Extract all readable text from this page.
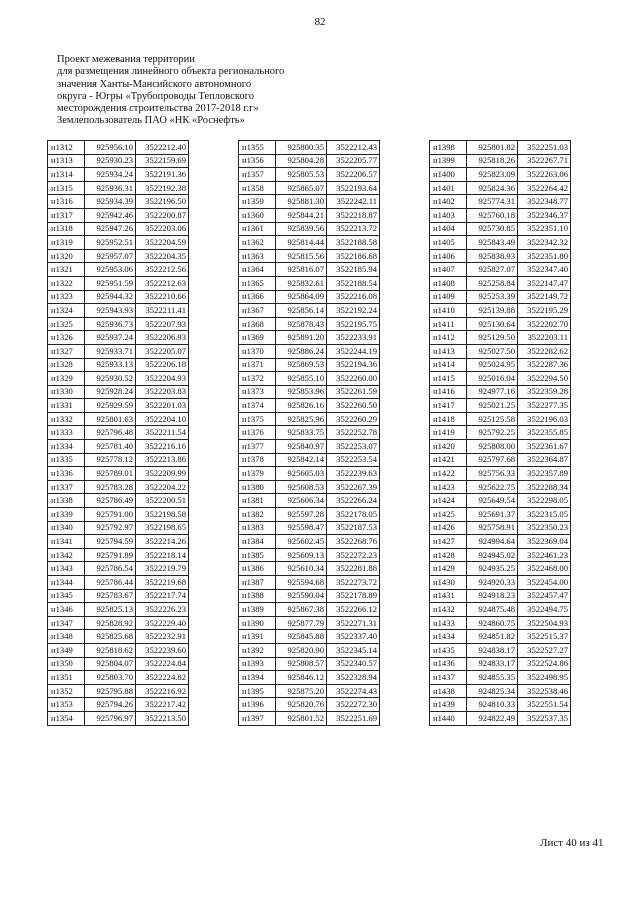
82
Проект межевания территории
для размещения линейного объекта регионального
значения Ханты-Мансийского автономного
округа - Югры «Трубопроводы Тепловского
месторождения строительства 2017-2018 г.г»
Землепользователь ПАО «НК «Роснефть»
н1312	925956.10	3522212.40
н1313	925930.23	3522159.69
н1314	925934.24	3522191.36
н1315	925936.31	3522192.38
н1316	925934.39	3522196.50
н1317	925942.46	3522200.87
н1318	925947.26	3522203.06
н1319	925952.51	3522204.59
н1320	925957.07	3522204.35
н1321	925953.06	3522212.56
н1322	925951.59	3522212.63
н1323	925944.32	3522210.66
н1324	925943.93	3522211.41
н1325	925936.73	3522207.93
н1326	925937.24	3522206.93
н1327	925933.71	3522205.07
н1328	925933.13	3522206.18
н1329	925930.52	3522204.93
н1330	925928.24	3522203.83
н1331	925929.59	3522201.03
н1332	925801.63	3522204.10
н1333	925796.48	3522211.54
н1334	925781.40	3522216.16
н1335	925778.12	3522213.86
н1336	925789.01	3522209.99
н1337	925783.28	3522204.22
н1338	925786.49	3522200.51
н1339	925791.00	3522198.58
н1340	925792.97	3522198.65
н1341	925794.59	3522214.26
н1342	925791.89	3522218.14
н1343	925786.54	3522219.79
н1344	925786.44	3522219.68
н1345	925783.67	3522217.74
н1346	925825.13	3522226.23
н1347	925828.92	3522229.40
н1348	925825.68	3522232.91
н1349	925818.62	3522239.60
н1350	925804.07	3522224.84
н1351	925803.70	3522224.82
н1352	925795.88	3522216.92
н1353	925794.26	3522217.42
н1354	925796.97	3522213.50
н1355	925800.35	3522212.43
н1356	925804.28	3522205.77
н1357	925805.53	3522206.57
н1358	925865.07	3522193.64
н1359	925881.30	3522242.11
н1360	925844.21	3522218.87
н1361	925839.56	3522213.72
н1362	925814.44	3522188.58
н1363	925815.56	3522186.68
н1364	925816.07	3522185.94
н1365	925832.61	3522188.54
н1366	925864.09	3522216.08
н1367	925856.14	3522192.24
н1368	925878.43	3522195.75
н1369	925891.20	3522233.91
н1370	925886.24	3522244.19
н1371	925869.53	3522194.36
н1372	925855.10	3522260.00
н1373	925853.96	3522261.59
н1374	925826.16	3522260.50
н1375	925825.96	3522260.29
н1376	925833.75	3522252.78
н1377	925840.97	3522253.07
н1378	925842.14	3522253.54
н1379	925605.03	3522239.63
н1380	925608.53	3522267.39
н1381	925606.34	3522266.24
н1382	925597.28	3522178.05
н1383	925598.47	3522187.53
н1384	925602.45	3522268.76
н1385	925609.13	3522272.23
н1386	925610.34	3522281.88
н1387	925594.68	3522273.72
н1388	925590.04	3522178.89
н1389	925867.38	3522266.12
н1390	925877.79	3522271.31
н1391	925845.88	3522337.40
н1392	925820.90	3522345.14
н1393	925808.57	3522340.57
н1394	925846.12	3522328.94
н1395	925875.20	3522274.43
н1396	925820.76	3522272.30
н1397	925801.52	3522251.69
н1398	925801.82	3522251.03
н1399	925818.26	3522267.71
н1400	925823.09	3522263.06
н1401	925824.36	3522264.42
н1402	925774.31	3522348.77
н1403	925760.18	3522346.37
н1404	925730.85	3522351.10
н1405	925843.49	3522342.32
н1406	925838.93	3522351.80
н1407	925827.07	3522347.40
н1408	925258.84	3522147.47
н1409	925253.39	3522149.72
н1410	925139.88	3522195.29
н1411	925130.64	3522202.70
н1412	925129.50	3522203.11
н1413	925027.50	3522282.62
н1414	925024.95	3522287.36
н1415	925016.04	3522294.50
н1416	924977.16	3522359.28
н1417	925021.25	3522277.35
н1418	925125.58	3522196.03
н1419	925792.25	3522355.85
н1420	925808.00	3522361.67
н1421	925797.68	3522364.87
н1422	925756.33	3522357.89
н1423	925622.75	3522288.34
н1424	925649.54	3522298.05
н1425	925691.37	3522315.05
н1426	925758.91	3522350.23
н1427	924994.64	3522369.04
н1428	924945.02	3522461.23
н1429	924935.25	3522468.00
н1430	924920.33	3522454.00
н1431	924918.23	3522457.47
н1432	924875.48	3522494.75
н1433	924860.75	3522504.93
н1434	924851.82	3522515.37
н1435	924838.17	3522527.27
н1436	924833.17	3522524.86
н1437	924855.35	3522498.95
н1438	924825.34	3522538.46
н1439	924810.33	3522551.54
н1440	924822.49	3522537.35
Лист 40 из 41
